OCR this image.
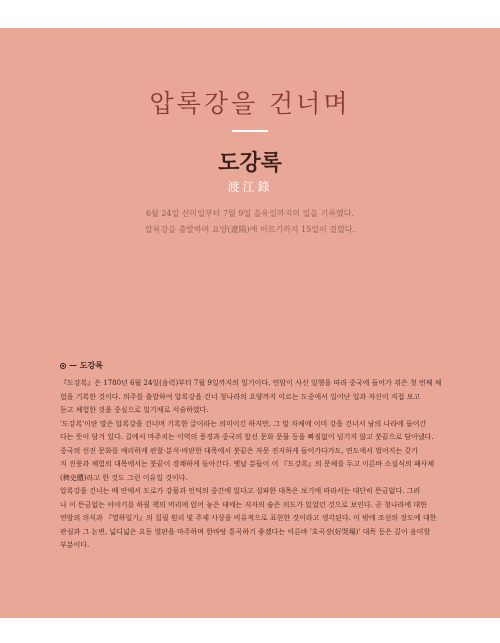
압록강을 건너며
도강록
渡江錄
6월 24일 신미일부터 7월 9일 을유일까지의 일을 기록했다.
압록강을 출발하여 요양(遼陽)에 이르기까지 15일이 걸렸다.
— 도강록
『도강록』은 1780년 6월 24일(음력)부터 7월 9일까지의 일기이다. 연암이 사신 일행을 따라 중국에 들어가 겪은 첫 번째 체
험을 기록한 것이다. 의주를 출발하여 압록강을 건너 청나라의 요양까지 이르는 도중에서 일어난 일과 자신이 직접 보고
듣고 체험한 것을 중심으로 일기체로 서술하였다.
'도강록'이란 말은 압록강을 건너며 기록한 글이라는 의미이긴 하지만, 그 말 자체에 이미 강을 건너서 남의 나라에 들어간
다는 뜻이 담겨 있다. 길에서 마주치는 이역의 풍경과 중국의 앞선 문화 문물 등을 빠짐없이 넘기지 않고 붓끝으로 담아냈다.
중국의 선진 문화를 예리하게 관찰·분석·비판한 대목에서 붓끝은 자못 진지하게 들어가다가도, 연도에서 벌어지는 갖가
지 진풍과 체험의 대목에서는 붓끝이 경쾌하게 돌아간다. 옛날 분들이 이 『도강록』의 문체를 두고 이른바 소설식의 패사체
(稗史體)라고 한 것도 그런 이유일 것이다.
압록강을 건너는 배 안에서 도로가 강물과 언덕의 중간에 있다고 설파한 대목은 보기에 따라서는 대단히 뜬금없다. 그러
나 이 뜬금없는 이야기를 하필 책의 머리에 얹어 놓은 데에는 저자의 숨은 의도가 있었던 것으로 보인다. 곧 청나라에 대한
연암의 의식과 『열하일기』의 집필 원리 및 주제 사상을 비유적으로 표현한 것이라고 생각된다. 이 밖에 조선의 장도에 대한
관심과 그 논변, 넓디넓은 요동 벌판을 마주하며 한바탕 통곡하기 좋겠다는 이른바 '호곡장(好哭場)' 대목 등은 깊이 음미할
부분이다.
